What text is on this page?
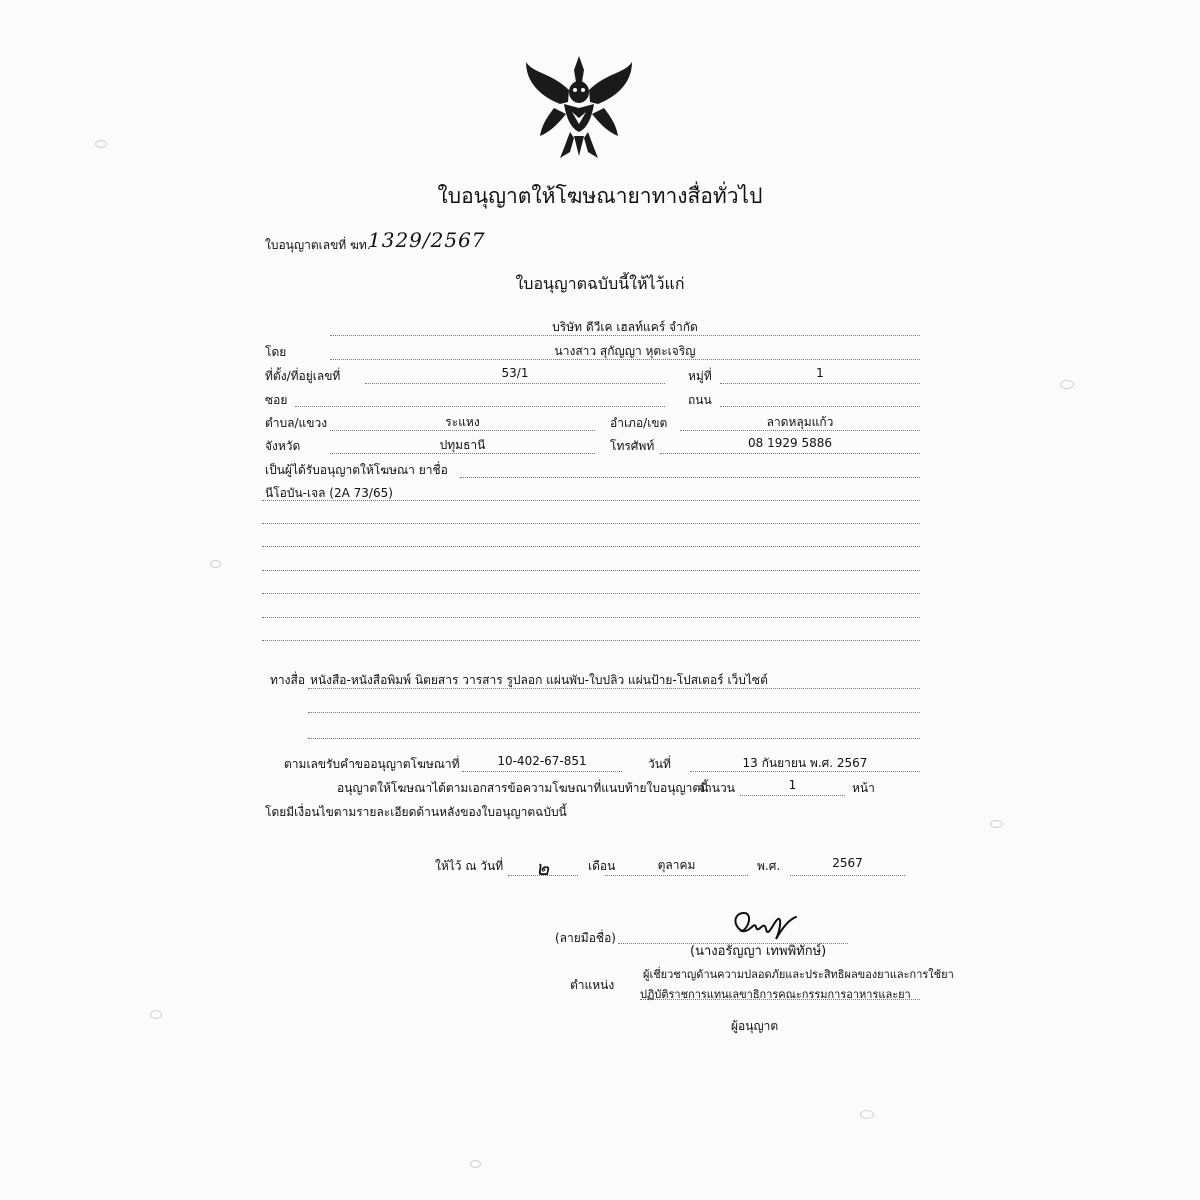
ใบอนุญาตให้โฆษณายาทางสื่อทั่วไป
ใบอนุญาตเลขที่ ฆท.
1329/2567
ใบอนุญาตฉบับนี้ให้ไว้แก่
บริษัท ดีวีเค เฮลท์แคร์ จำกัด
โดย	นางสาว สุกัญญา หุตะเจริญ
ที่ตั้ง/ที่อยู่เลขที่	53/1	หมู่ที่	1
ซอย	ถนน
ตำบล/แขวง	ระแหง	อำเภอ/เขต	ลาดหลุมแก้ว
จังหวัด	ปทุมธานี	โทรศัพท์	08 1929 5886
เป็นผู้ได้รับอนุญาตให้โฆษณา ยาชื่อ
นีโอบัน-เจล (2A 73/65)
ทางสื่อ หนังสือ-หนังสือพิมพ์ นิตยสาร วารสาร รูปลอก แผ่นพับ-ใบปลิว แผ่นป้าย-โปสเตอร์ เว็บไซต์
ตามเลขรับคำขออนุญาตโฆษณาที่	10-402-67-851	วันที่	13 กันยายน พ.ศ. 2567
อนุญาตให้โฆษณาได้ตามเอกสารข้อความโฆษณาที่แนบท้ายใบอนุญาตนี้
จำนวน	1	หน้า
โดยมีเงื่อนไขตามรายละเอียดด้านหลังของใบอนุญาตฉบับนี้
ให้ไว้ ณ วันที่	๒	เดือน	ตุลาคม	พ.ศ.	2567
(ลายมือชื่อ)
(นางอรัญญา เทพพิทักษ์)
ตำแหน่ง
ผู้เชี่ยวชาญด้านความปลอดภัยและประสิทธิผลของยาและการใช้ยา
ปฏิบัติราชการแทนเลขาธิการคณะกรรมการอาหารและยา
ผู้อนุญาต
